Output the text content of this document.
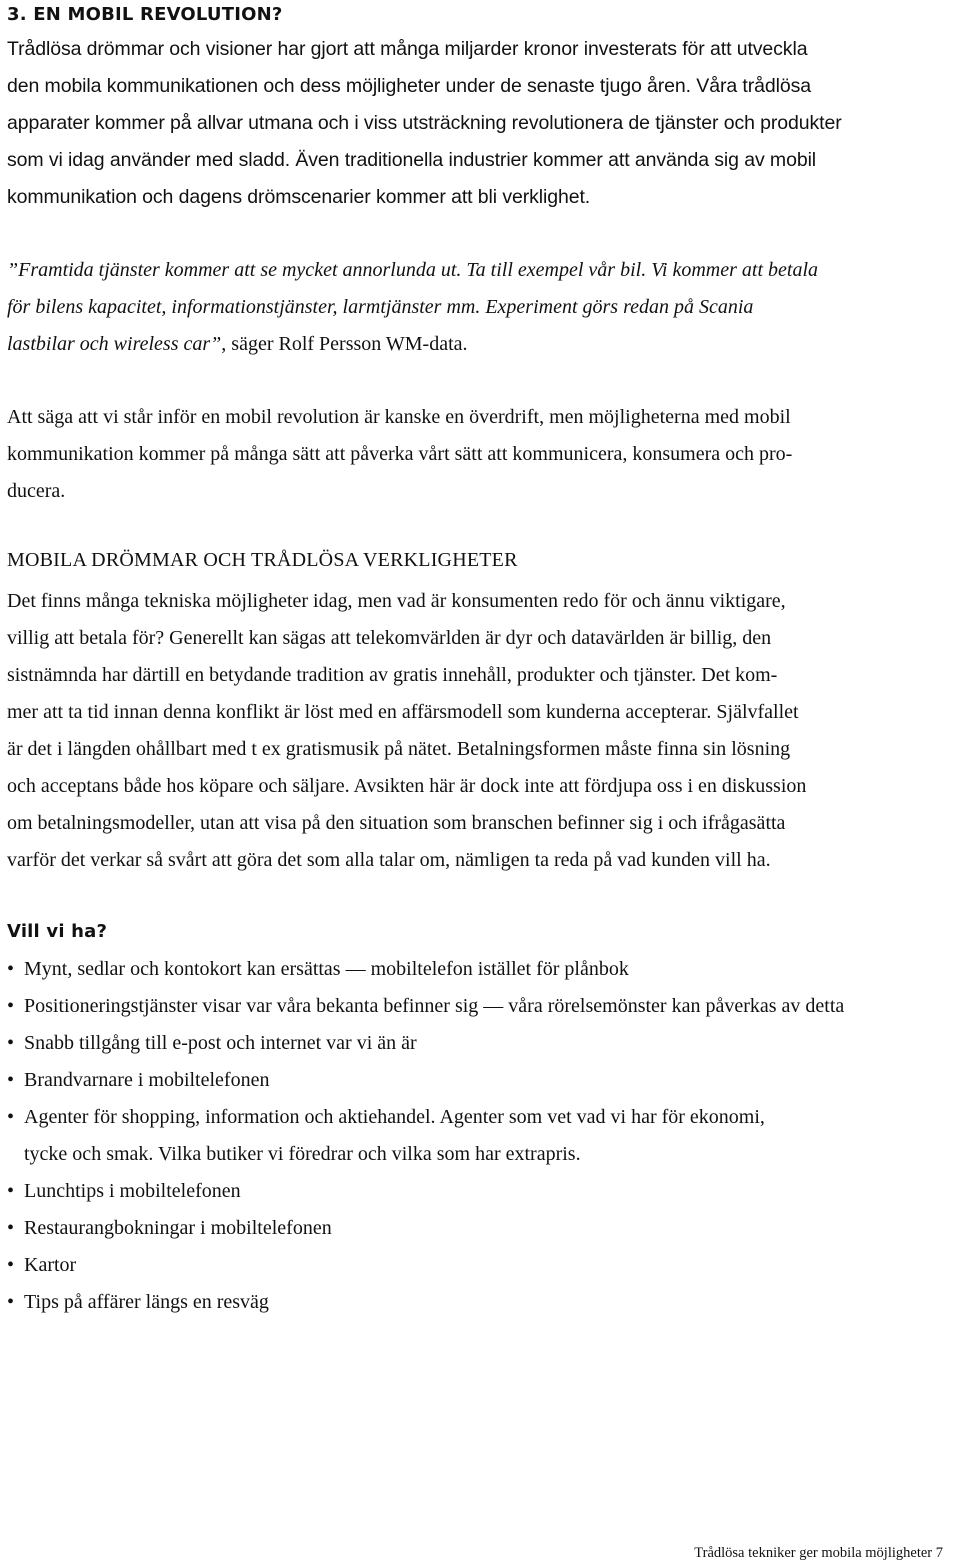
3. EN MOBIL REVOLUTION?
Trådlösa drömmar och visioner har gjort att många miljarder kronor investerats för att utveckla
den mobila kommunikationen och dess möjligheter under de senaste tjugo åren. Våra trådlösa
apparater kommer på allvar utmana och i viss utsträckning revolutionera de tjänster och produkter
som vi idag använder med sladd. Även traditionella industrier kommer att använda sig av mobil
kommunikation och dagens drömscenarier kommer att bli verklighet.
”Framtida tjänster kommer att se mycket annorlunda ut. Ta till exempel vår bil. Vi kommer att betala
för bilens kapacitet, informationstjänster, larmtjänster mm. Experiment görs redan på Scania
lastbilar och wireless car”, säger Rolf Persson WM-data.
Att säga att vi står inför en mobil revolution är kanske en överdrift, men möjligheterna med mobil
kommunikation kommer på många sätt att påverka vårt sätt att kommunicera, konsumera och pro-
ducera.
MOBILA DRÖMMAR OCH TRÅDLÖSA VERKLIGHETER
Det finns många tekniska möjligheter idag, men vad är konsumenten redo för och ännu viktigare,
villig att betala för? Generellt kan sägas att telekomvärlden är dyr och datavärlden är billig, den
sistnämnda har därtill en betydande tradition av gratis innehåll, produkter och tjänster. Det kom-
mer att ta tid innan denna konflikt är löst med en affärsmodell som kunderna accepterar. Självfallet
är det i längden ohållbart med t ex gratismusik på nätet. Betalningsformen måste finna sin lösning
och acceptans både hos köpare och säljare. Avsikten här är dock inte att fördjupa oss i en diskussion
om betalningsmodeller, utan att visa på den situation som branschen befinner sig i och ifrågasätta
varför det verkar så svårt att göra det som alla talar om, nämligen ta reda på vad kunden vill ha.
Vill vi ha?
• Mynt, sedlar och kontokort kan ersättas — mobiltelefon istället för plånbok
• Positioneringstjänster visar var våra bekanta befinner sig — våra rörelsemönster kan påverkas av detta
• Snabb tillgång till e-post och internet var vi än är
• Brandvarnare i mobiltelefonen
• Agenter för shopping, information och aktiehandel. Agenter som vet vad vi har för ekonomi,
tycke och smak. Vilka butiker vi föredrar och vilka som har extrapris.
• Lunchtips i mobiltelefonen
• Restaurangbokningar i mobiltelefonen
• Kartor
• Tips på affärer längs en resväg
Trådlösa tekniker ger mobila möjligheter 7
